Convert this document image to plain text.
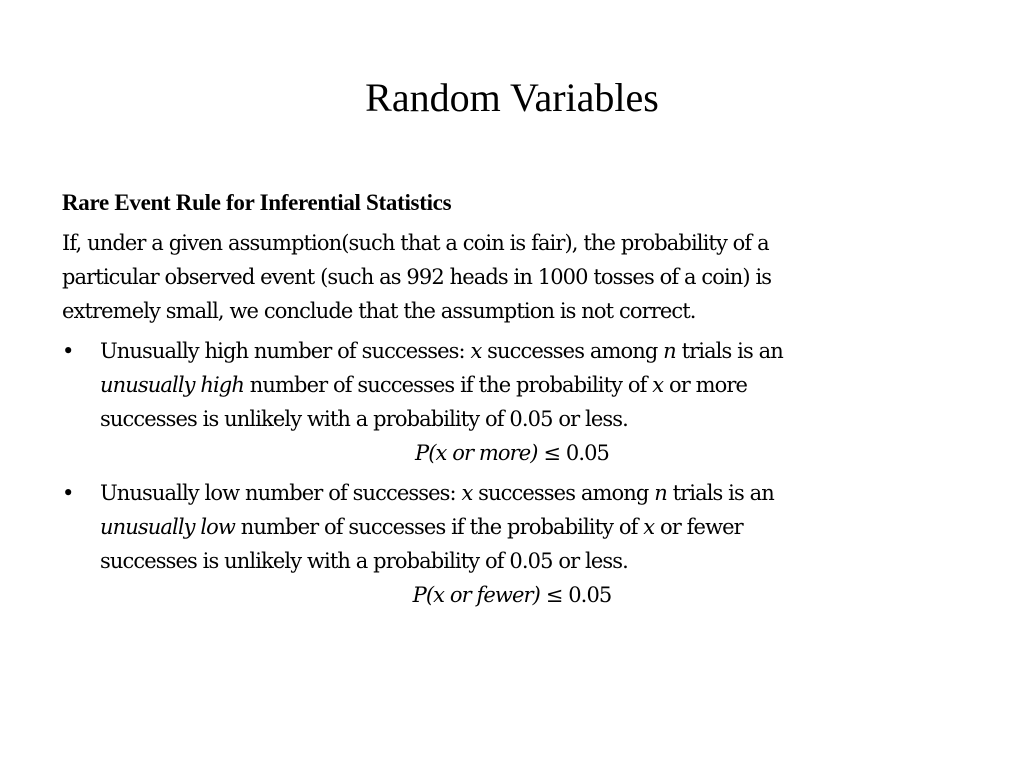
Random Variables
Rare Event Rule for Inferential Statistics
If, under a given assumption(such that a coin is fair), the probability of a
particular observed event (such as 992 heads in 1000 tosses of a coin) is
extremely small, we conclude that the assumption is not correct.
• Unusually high number of successes: x successes among n trials is an
unusually high number of successes if the probability of x or more
successes is unlikely with a probability of 0.05 or less.
P(x or more) ≤ 0.05
• Unusually low number of successes: x successes among n trials is an
unusually low number of successes if the probability of x or fewer
successes is unlikely with a probability of 0.05 or less.
P(x or fewer) ≤ 0.05
